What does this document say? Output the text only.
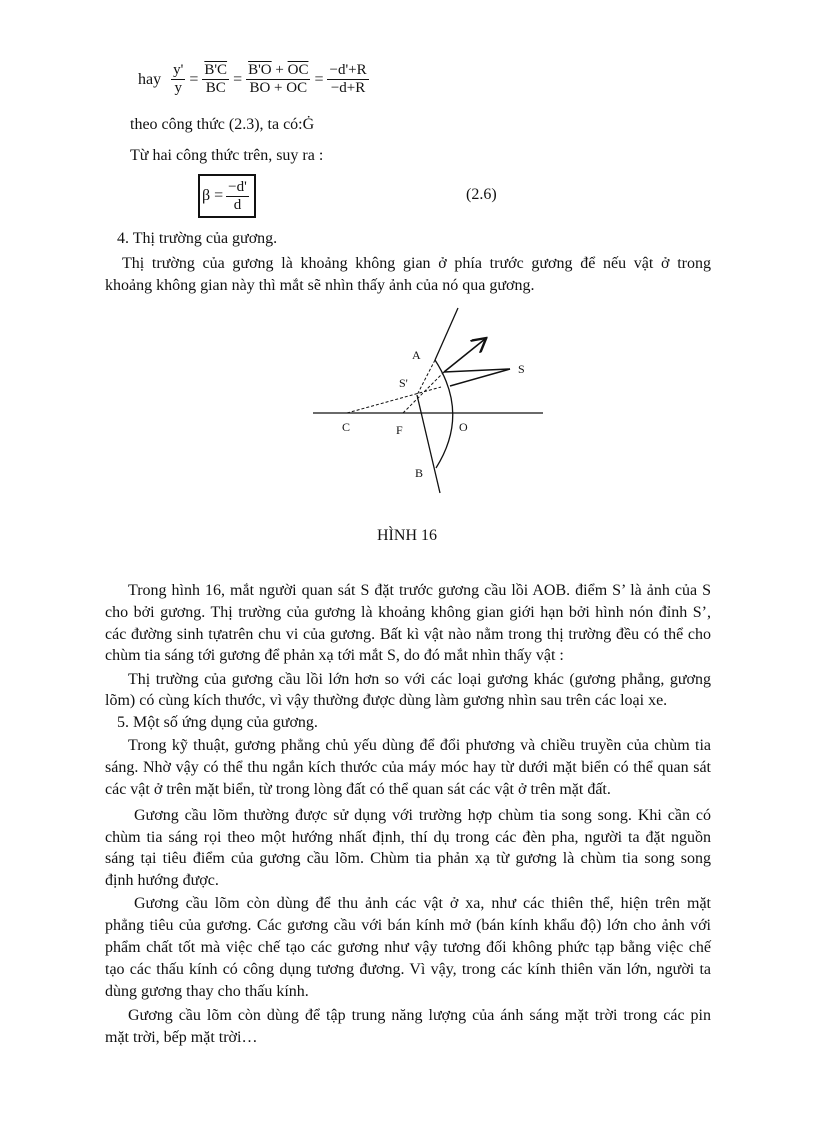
hay $\frac{y'}{y} = \frac{B'C}{BC} = \frac{B'O + \overline{OC}}{\overline{BO} + \overline{OC}} = \frac{-d'+R}{-d+R}$
theo công thức (2.3), ta có:Ġ
Từ hai công thức trên, suy ra :
$\beta = \frac{-d'}{d}$	(2.6)
4. Thị trường của gương.
Thị trường của gương là khoảng không gian ở phía trước gương để nếu vật ở trong
khoảng không gian này thì mắt sẽ nhìn thấy ảnh của nó qua gương.
A
S
S'
C	F	O
B
HÌNH 16
Trong hình 16, mắt người quan sát S đặt trước gương cầu lồi AOB. điểm S’ là ảnh của S
cho bởi gương. Thị trường của gương là khoảng không gian giới hạn bởi hình nón đỉnh S’,
các đường sinh tựatrên chu vi của gương. Bất kì vật nào nằm trong thị trường đều có thể cho
chùm tia sáng tới gương để phản xạ tới mắt S, do đó mắt nhìn thấy vật :
Thị trường của gương cầu lồi lớn hơn so với các loại gương khác (gương phẳng, gương
lõm) có cùng kích thước, vì vậy thường được dùng làm gương nhìn sau trên các loại xe.
5. Một số ứng dụng của gương.
Trong kỹ thuật, gương phẳng chủ yếu dùng để đổi phương và chiều truyền của chùm tia
sáng. Nhờ vậy có thể thu ngắn kích thước của máy móc hay từ dưới mặt biển có thể quan sát
các vật ở trên mặt biển, từ trong lòng đất có thể quan sát các vật ở trên mặt đất.
Gương cầu lõm thường được sử dụng với trường hợp chùm tia song song. Khi cần có
chùm tia sáng rọi theo một hướng nhất định, thí dụ trong các đèn pha, người ta đặt nguồn
sáng tại tiêu điểm của gương cầu lõm. Chùm tia phản xạ từ gương là chùm tia song song
định hướng được.
Gương cầu lõm còn dùng để thu ảnh các vật ở xa, như các thiên thể, hiện trên mặt
phẳng tiêu của gương. Các gương cầu với bán kính mở (bán kính khẩu độ) lớn cho ảnh với
phẩm chất tốt mà việc chế tạo các gương như vậy tương đối không phức tạp bằng việc chế
tạo các thấu kính có công dụng tương đương. Vì vậy, trong các kính thiên văn lớn, người ta
dùng gương thay cho thấu kính.
Gương cầu lõm còn dùng để tập trung năng lượng của ánh sáng mặt trời trong các pin
mặt trời, bếp mặt trời…
